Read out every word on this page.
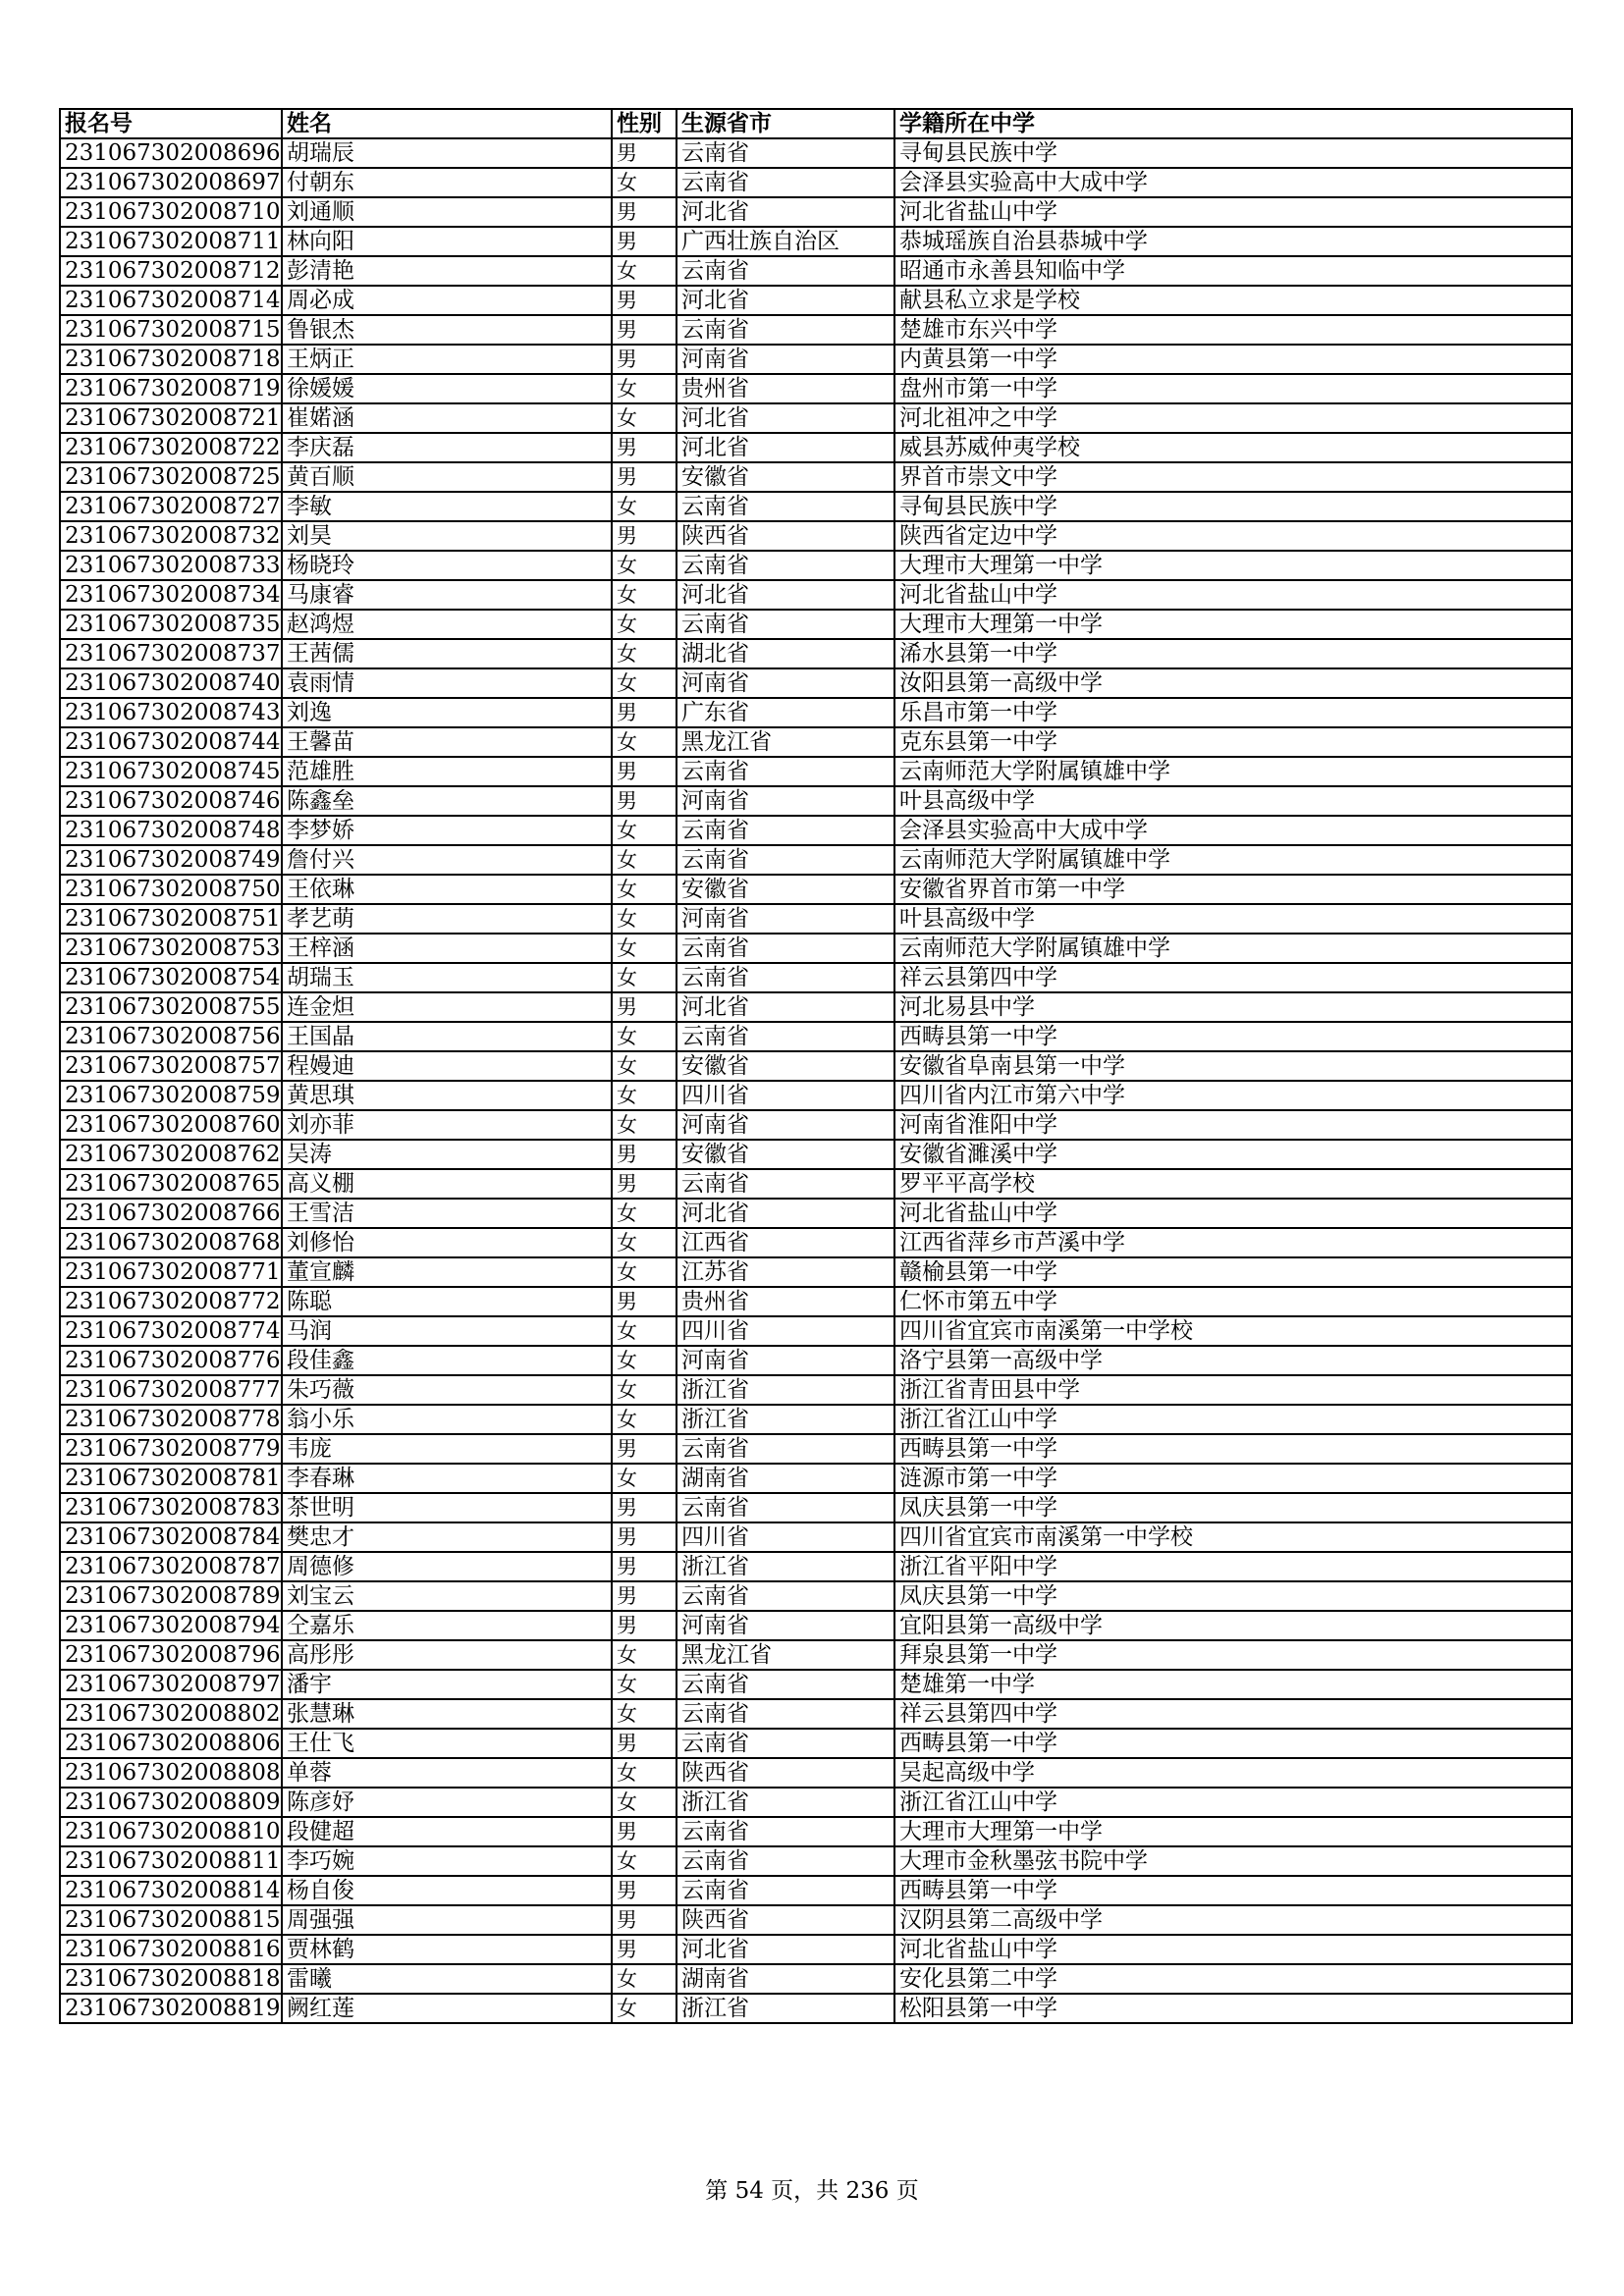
报名号	姓名	性别	生源省市	学籍所在中学
231067302008696	胡瑞辰	男	云南省	寻甸县民族中学
231067302008697	付朝东	女	云南省	会泽县实验高中大成中学
231067302008710	刘通顺	男	河北省	河北省盐山中学
231067302008711	林向阳	男	广西壮族自治区	恭城瑶族自治县恭城中学
231067302008712	彭清艳	女	云南省	昭通市永善县知临中学
231067302008714	周必成	男	河北省	献县私立求是学校
231067302008715	鲁银杰	男	云南省	楚雄市东兴中学
231067302008718	王炳正	男	河南省	内黄县第一中学
231067302008719	徐媛媛	女	贵州省	盘州市第一中学
231067302008721	崔婼涵	女	河北省	河北祖冲之中学
231067302008722	李庆磊	男	河北省	威县苏威仲夷学校
231067302008725	黄百顺	男	安徽省	界首市崇文中学
231067302008727	李敏	女	云南省	寻甸县民族中学
231067302008732	刘昊	男	陕西省	陕西省定边中学
231067302008733	杨晓玲	女	云南省	大理市大理第一中学
231067302008734	马康睿	女	河北省	河北省盐山中学
231067302008735	赵鸿煜	女	云南省	大理市大理第一中学
231067302008737	王茜儒	女	湖北省	浠水县第一中学
231067302008740	袁雨情	女	河南省	汝阳县第一高级中学
231067302008743	刘逸	男	广东省	乐昌市第一中学
231067302008744	王馨苗	女	黑龙江省	克东县第一中学
231067302008745	范雄胜	男	云南省	云南师范大学附属镇雄中学
231067302008746	陈鑫垒	男	河南省	叶县高级中学
231067302008748	李梦娇	女	云南省	会泽县实验高中大成中学
231067302008749	詹付兴	女	云南省	云南师范大学附属镇雄中学
231067302008750	王依琳	女	安徽省	安徽省界首市第一中学
231067302008751	孝艺萌	女	河南省	叶县高级中学
231067302008753	王梓涵	女	云南省	云南师范大学附属镇雄中学
231067302008754	胡瑞玉	女	云南省	祥云县第四中学
231067302008755	连金炟	男	河北省	河北易县中学
231067302008756	王国晶	女	云南省	西畴县第一中学
231067302008757	程嫚迪	女	安徽省	安徽省阜南县第一中学
231067302008759	黄思琪	女	四川省	四川省内江市第六中学
231067302008760	刘亦菲	女	河南省	河南省淮阳中学
231067302008762	吴涛	男	安徽省	安徽省濉溪中学
231067302008765	高义棚	男	云南省	罗平平高学校
231067302008766	王雪洁	女	河北省	河北省盐山中学
231067302008768	刘修怡	女	江西省	江西省萍乡市芦溪中学
231067302008771	董宣麟	女	江苏省	赣榆县第一中学
231067302008772	陈聪	男	贵州省	仁怀市第五中学
231067302008774	马润	女	四川省	四川省宜宾市南溪第一中学校
231067302008776	段佳鑫	女	河南省	洛宁县第一高级中学
231067302008777	朱巧薇	女	浙江省	浙江省青田县中学
231067302008778	翁小乐	女	浙江省	浙江省江山中学
231067302008779	韦庞	男	云南省	西畴县第一中学
231067302008781	李春琳	女	湖南省	涟源市第一中学
231067302008783	茶世明	男	云南省	凤庆县第一中学
231067302008784	樊忠才	男	四川省	四川省宜宾市南溪第一中学校
231067302008787	周德修	男	浙江省	浙江省平阳中学
231067302008789	刘宝云	男	云南省	凤庆县第一中学
231067302008794	仝嘉乐	男	河南省	宜阳县第一高级中学
231067302008796	高彤彤	女	黑龙江省	拜泉县第一中学
231067302008797	潘宇	女	云南省	楚雄第一中学
231067302008802	张慧琳	女	云南省	祥云县第四中学
231067302008806	王仕飞	男	云南省	西畴县第一中学
231067302008808	单蓉	女	陕西省	吴起高级中学
231067302008809	陈彦妤	女	浙江省	浙江省江山中学
231067302008810	段健超	男	云南省	大理市大理第一中学
231067302008811	李巧婉	女	云南省	大理市金秋墨弦书院中学
231067302008814	杨自俊	男	云南省	西畴县第一中学
231067302008815	周强强	男	陕西省	汉阴县第二高级中学
231067302008816	贾林鹤	男	河北省	河北省盐山中学
231067302008818	雷曦	女	湖南省	安化县第二中学
231067302008819	阙红莲	女	浙江省	松阳县第一中学
第 54 页，共 236 页
